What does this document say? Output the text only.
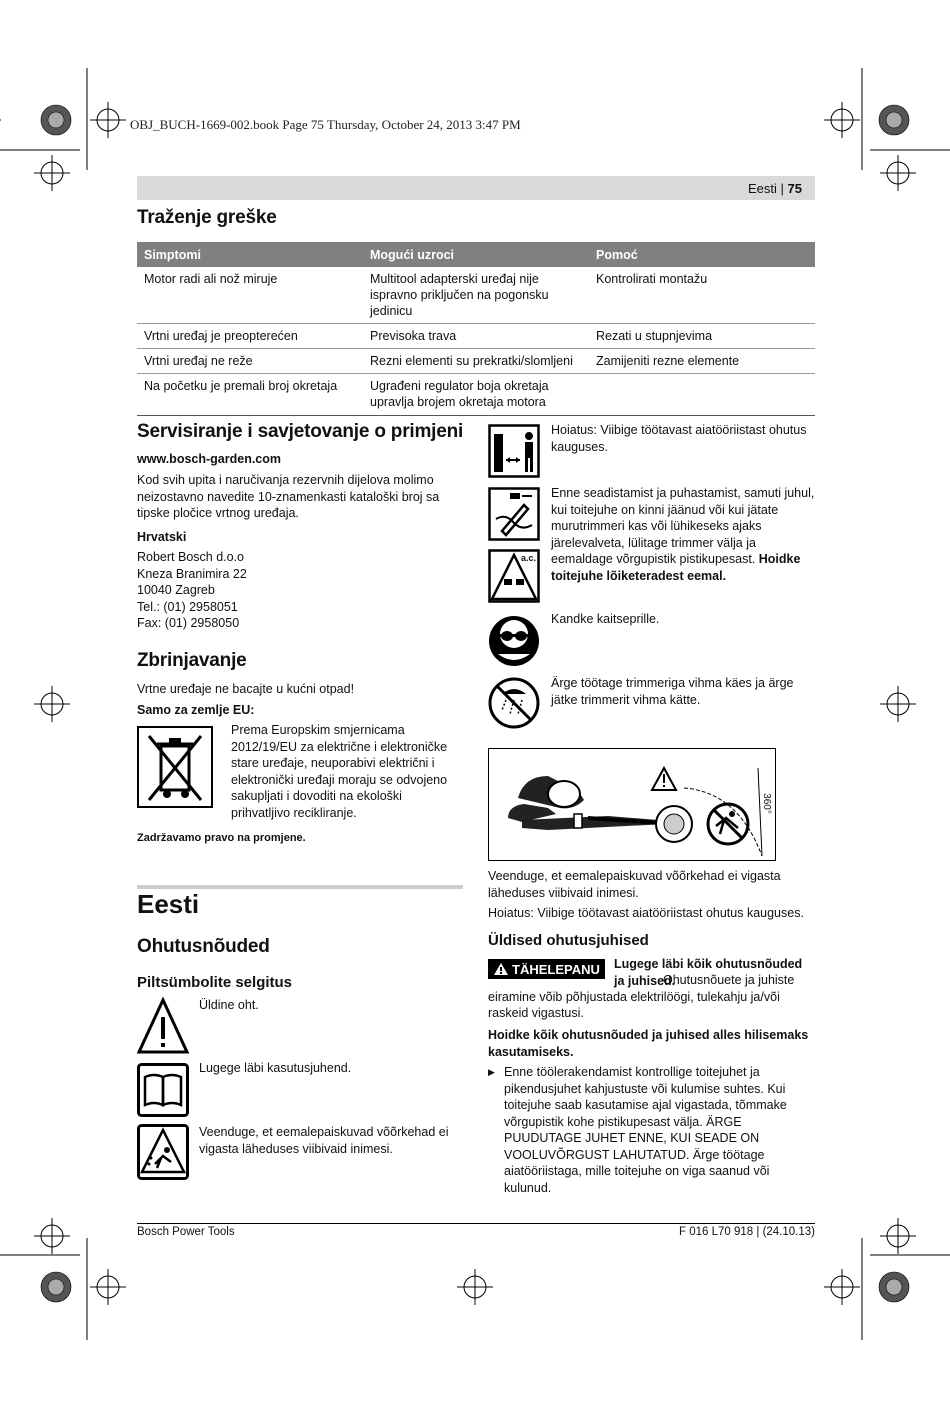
OBJ_BUCH-1669-002.book Page 75 Thursday, October 24, 2013 3:47 PM
Eesti | 75
Traženje greške
Simptomi	Mogući uzroci	Pomoć
Motor radi ali nož miruje	Multitool adapterski uređaj nije ispravno priključen na pogonsku jedinicu	Kontrolirati montažu
Vrtni uređaj je preopterećen	Previsoka trava	Rezati u stupnjevima
Vrtni uređaj ne reže	Rezni elementi su prekratki/slomljeni	Zamijeniti rezne elemente
Na početku je premali broj okretaja	Ugrađeni regulator boja okretaja upravlja brojem okretaja motora	
Servisiranje i savjetovanje o primjeni
www.bosch-garden.com
Kod svih upita i naručivanja rezervnih dijelova molimo neizostavno navedite 10-znamenkasti kataloški broj sa tipske pločice vrtnog uređaja.
Hrvatski
Robert Bosch d.o.o
Kneza Branimira 22
10040 Zagreb
Tel.: (01) 2958051
Fax: (01) 2958050
Zbrinjavanje
Vrtne uređaje ne bacajte u kućni otpad!
Samo za zemlje EU:
Prema Europskim smjernicama 2012/19/EU za električne i elektroničke stare uređaje, neuporabivi električni i elektronički uređaji moraju se odvojeno sakupljati i dovoditi na ekološki prihvatljivo recikliranje.
Zadržavamo pravo na promjene.
Eesti
Ohutusnõuded
Piltsümbolite selgitus
Üldine oht.
Lugege läbi kasutusjuhend.
Veenduge, et eemalepaiskuvad võõrkehad ei vigasta läheduses viibivaid inimesi.
Hoiatus: Viibige töötavast aiatööriistast ohutus kauguses.
a.c.
Enne seadistamist ja puhastamist, samuti juhul, kui toitejuhe on kinni jäänud või kui jätate murutrimmeri kas või lühikeseks ajaks järelevalveta, lülitage trimmer välja ja eemaldage võrgupistik pistikupesast. Hoidke toitejuhe lõiketeradest eemal.
Kandke kaitseprille.
Ärge töötage trimmeriga vihma käes ja ärge jätke trimmerit vihma kätte.
360°
Veenduge, et eemalepaiskuvad võõrkehad ei vigasta läheduses viibivaid inimesi.
Hoiatus: Viibige töötavast aiatööriistast ohutus kauguses.
Üldised ohutusjuhised
TÄHELEPANU Lugege läbi kõik ohutusnõuded ja juhised.
Ohutusnõuete ja juhiste eiramine võib põhjustada elektrilöögi, tulekahju ja/või raskeid vigastusi.
Hoidke kõik ohutusnõuded ja juhised alles hilisemaks kasutamiseks.
▶ Enne töölerakendamist kontrollige toitejuhet ja pikendusjuhet kahjustuste või kulumise suhtes. Kui toitejuhe saab kasutamise ajal vigastada, tõmmake võrgupistik kohe pistikupesast välja. ÄRGE PUUDUTAGE JUHET ENNE, KUI SEADE ON VOOLUVÕRGUST LAHUTATUD. Ärge töötage aiatööriistaga, mille toitejuhe on viga saanud või kulunud.
Bosch Power Tools	F 016 L70 918 | (24.10.13)
